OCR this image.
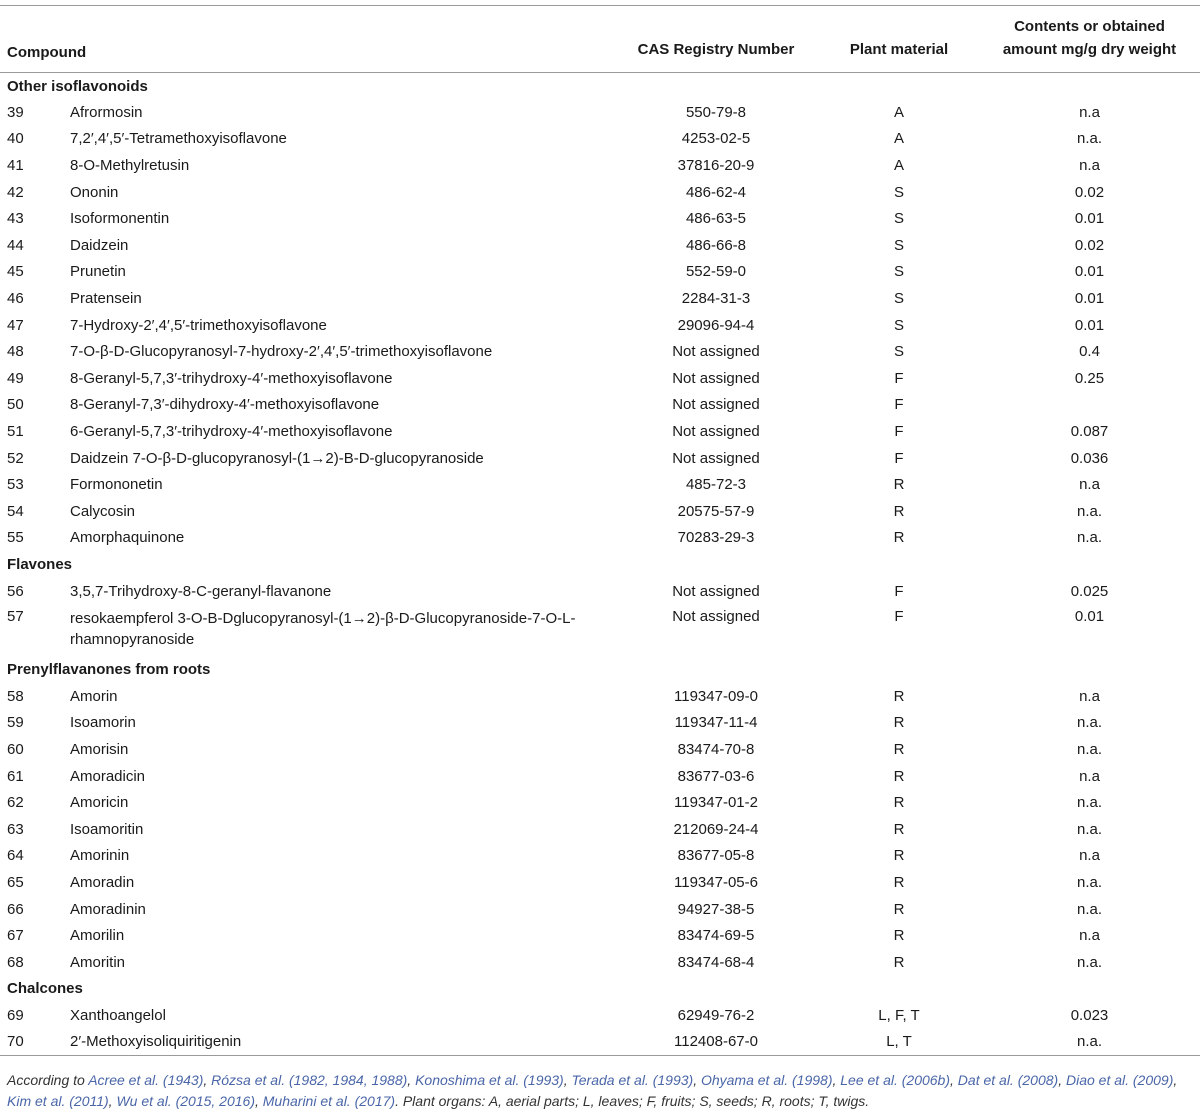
Compound		CAS Registry Number	Plant material	Contents or obtained
amount mg/g dry weight
Other isoflavonoids				
39	Afrormosin	550-79-8	A	n.a
40	7,2′,4′,5′-Tetramethoxyisoflavone	4253-02-5	A	n.a.
41	8-O-Methylretusin	37816-20-9	A	n.a
42	Ononin	486-62-4	S	0.02
43	Isoformonentin	486-63-5	S	0.01
44	Daidzein	486-66-8	S	0.02
45	Prunetin	552-59-0	S	0.01
46	Pratensein	2284-31-3	S	0.01
47	7-Hydroxy-2′,4′,5′-trimethoxyisoflavone	29096-94-4	S	0.01
48	7-O-β-D-Glucopyranosyl-7-hydroxy-2′,4′,5′-trimethoxyisoflavone	Not assigned	S	0.4
49	8-Geranyl-5,7,3′-trihydroxy-4′-methoxyisoflavone	Not assigned	F	0.25
50	8-Geranyl-7,3′-dihydroxy-4′-methoxyisoflavone	Not assigned	F	
51	6-Geranyl-5,7,3′-trihydroxy-4′-methoxyisoflavone	Not assigned	F	0.087
52	Daidzein 7-O-β-D-glucopyranosyl-(1→2)-B-D-glucopyranoside	Not assigned	F	0.036
53	Formononetin	485-72-3	R	n.a
54	Calycosin	20575-57-9	R	n.a.
55	Amorphaquinone	70283-29-3	R	n.a.
Flavones				
56	3,5,7-Trihydroxy-8-C-geranyl-flavanone	Not assigned	F	0.025
57	resokaempferol 3-O-B-Dglucopyranosyl-(1→2)-β-D-Glucopyranoside-7-O-L-rhamnopyranoside	Not assigned	F	0.01
Prenylflavanones from roots				
58	Amorin	119347-09-0	R	n.a
59	Isoamorin	119347-11-4	R	n.a.
60	Amorisin	83474-70-8	R	n.a.
61	Amoradicin	83677-03-6	R	n.a
62	Amoricin	119347-01-2	R	n.a.
63	Isoamoritin	212069-24-4	R	n.a.
64	Amorinin	83677-05-8	R	n.a
65	Amoradin	119347-05-6	R	n.a.
66	Amoradinin	94927-38-5	R	n.a.
67	Amorilin	83474-69-5	R	n.a
68	Amoritin	83474-68-4	R	n.a.
Chalcones				
69	Xanthoangelol	62949-76-2	L, F, T	0.023
70	2′-Methoxyisoliquiritigenin	112408-67-0	L, T	n.a.
According to Acree et al. (1943), Rózsa et al. (1982, 1984, 1988), Konoshima et al. (1993), Terada et al. (1993), Ohyama et al. (1998), Lee et al. (2006b), Dat et al. (2008), Diao et al. (2009), Kim et al. (2011), Wu et al. (2015, 2016), Muharini et al. (2017). Plant organs: A, aerial parts; L, leaves; F, fruits; S, seeds; R, roots; T, twigs.
